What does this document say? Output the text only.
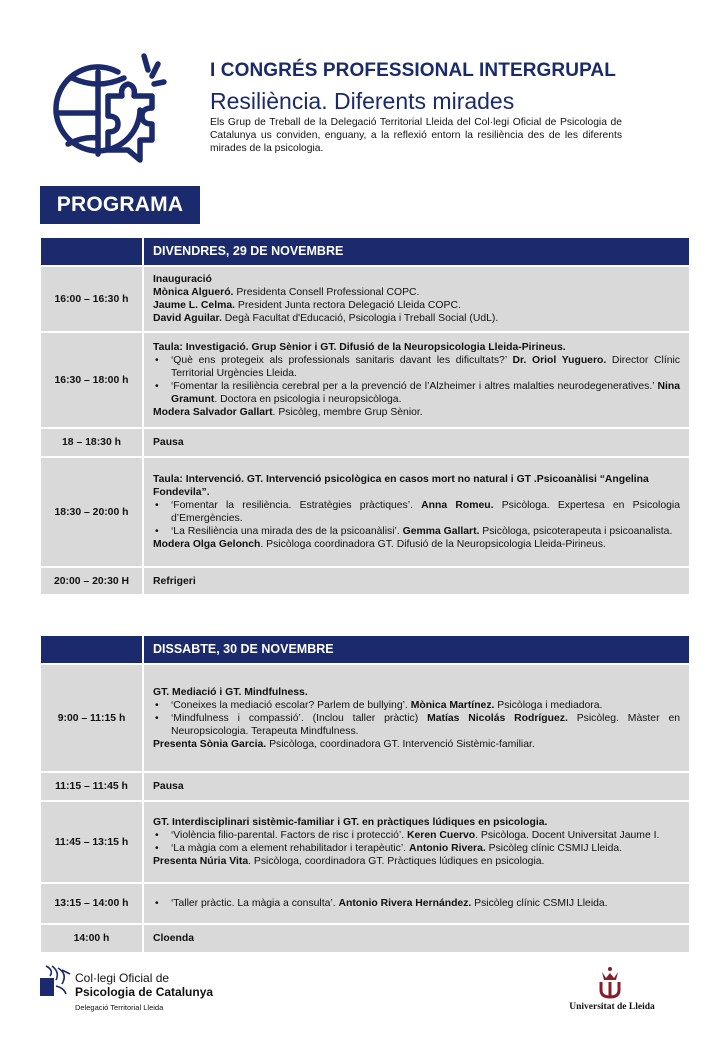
I CONGRÉS PROFESSIONAL INTERGRUPAL
Resiliència. Diferents mirades
Els Grup de Treball de la Delegació Territorial Lleida del Col·legi Oficial de Psicologia de Catalunya us conviden, enguany, a la reflexió entorn la resiliència des de les diferents mirades de la psicologia.
PROGRAMA
	DIVENDRES, 29 DE NOVEMBRE
16:00 – 16:30 h	Inauguració
Mònica Algueró. Presidenta Consell Professional COPC.
Jaume L. Celma. President Junta rectora Delegació Lleida COPC.
David Aguilar. Degà Facultat d'Educació, Psicologia i Treball Social (UdL).

16:30 – 18:00 h	Taula: Investigació. Grup Sènior i GT. Difusió de la Neuropsicologia Lleida-Pirineus.
• ‘Què ens protegeix als professionals sanitaris davant les dificultats?’ Dr. Oriol Yuguero. Director Clínic Territorial Urgències Lleida.
• ‘Fomentar la resiliència cerebral per a la prevenció de l’Alzheimer i altres malalties neurodegeneratives.’ Nina Gramunt. Doctora en psicologia i neuropsicòloga.
Modera Salvador Gallart. Psicòleg, membre Grup Sènior.

18 – 18:30 h	Pausa
18:30 – 20:00 h	Taula: Intervenció. GT. Intervenció psicològica en casos mort no natural i GT .Psicoanàlisi “Angelina Fondevila”.
• ‘Fomentar la resiliència. Estratègies pràctiques’. Anna Romeu. Psicòloga. Expertesa en Psicologia d’Emergències.
• ‘La Resiliència una mirada des de la psicoanàlisi’. Gemma Gallart. Psicòloga, psicoterapeuta i psicoanalista.
Modera Olga Gelonch. Psicòloga coordinadora GT. Difusió de la Neuropsicologia Lleida-Pirineus.

20:00 – 20:30 H	Refrigeri
	DISSABTE, 30 DE NOVEMBRE
9:00 – 11:15 h	GT. Mediació i GT. Mindfulness.
• ‘Coneixes la mediació escolar? Parlem de bullying’. Mònica Martínez. Psicòloga i mediadora.
• ‘Mindfulness i compassió’. (Inclou taller pràctic) Matías Nicolás Rodríguez. Psicòleg. Màster en Neuropsicologia. Terapeuta Mindfulness.
Presenta Sònia Garcia. Psicòloga, coordinadora GT. Intervenció Sistèmic-familiar.

11:15 – 11:45 h	Pausa
11:45 – 13:15 h	GT. Interdisciplinari sistèmic-familiar i GT. en pràctiques lúdiques en psicologia.
• ‘Violència filio-parental. Factors de risc i protecció’. Keren Cuervo. Psicòloga. Docent Universitat Jaume I.
• ‘La màgia com a element rehabilitador i terapèutic’. Antonio Rivera. Psicòleg clínic CSMIJ Lleida.
Presenta Núria Vita. Psicòloga, coordinadora GT. Pràctiques lúdiques en psicologia.

13:15 – 14:00 h	• ‘Taller pràctic. La màgia a consulta’. Antonio Rivera Hernández. Psicòleg clínic CSMIJ Lleida.

14:00 h	Cloenda
Col·legi Oficial de
Psicologia de Catalunya
Delegació Territorial Lleida	Universitat de Lleida
